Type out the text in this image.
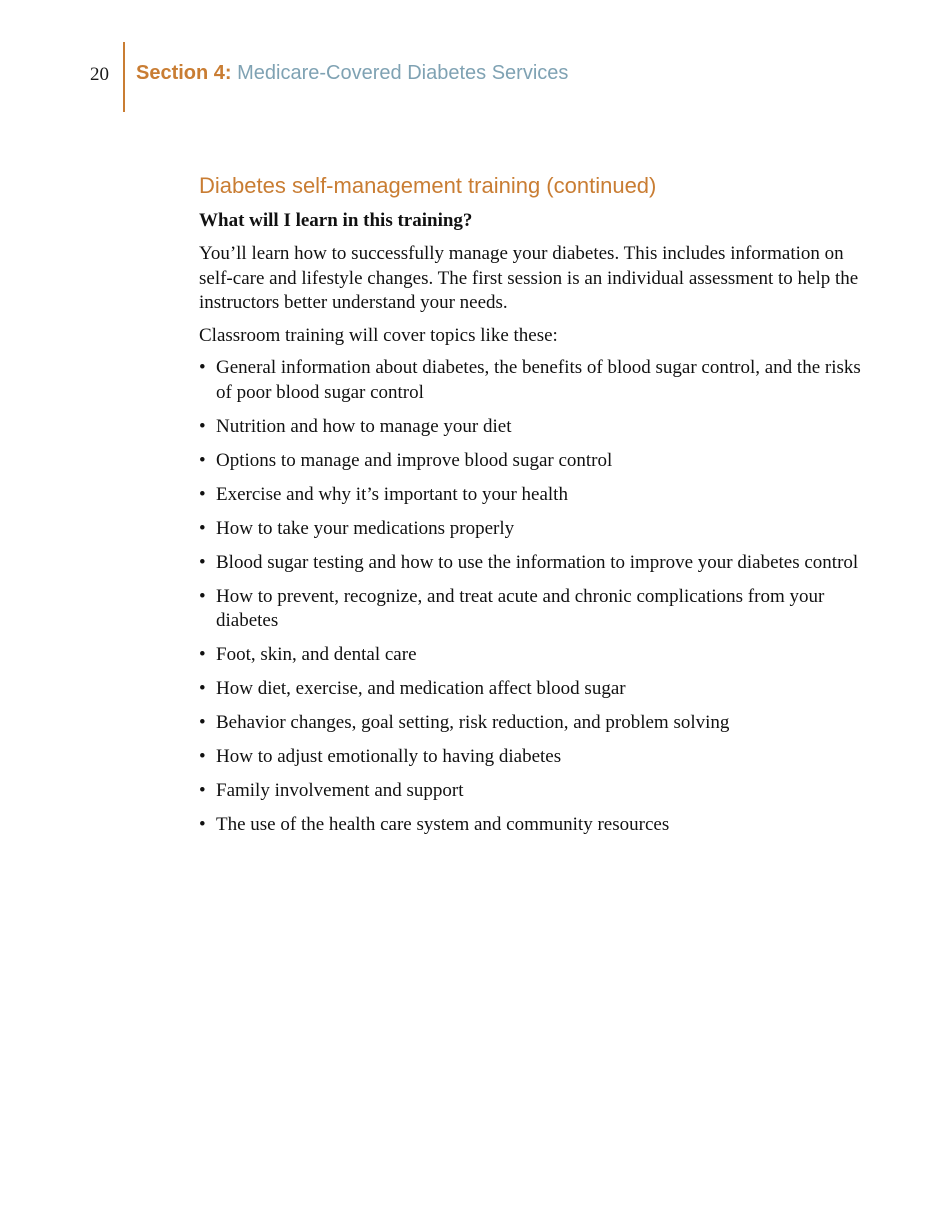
20 Section 4: Medicare-Covered Diabetes Services
Diabetes self-management training (continued)
What will I learn in this training?

You’ll learn how to successfully manage your diabetes. This includes information on self-care and lifestyle changes. The first session is an individual assessment to help the instructors better understand your needs.

Classroom training will cover topics like these:

• General information about diabetes, the benefits of blood sugar control, and the risks of poor blood sugar control
• Nutrition and how to manage your diet
• Options to manage and improve blood sugar control
• Exercise and why it’s important to your health
• How to take your medications properly
• Blood sugar testing and how to use the information to improve your diabetes control
• How to prevent, recognize, and treat acute and chronic complications from your diabetes
• Foot, skin, and dental care
• How diet, exercise, and medication affect blood sugar
• Behavior changes, goal setting, risk reduction, and problem solving
• How to adjust emotionally to having diabetes
• Family involvement and support
• The use of the health care system and community resources
